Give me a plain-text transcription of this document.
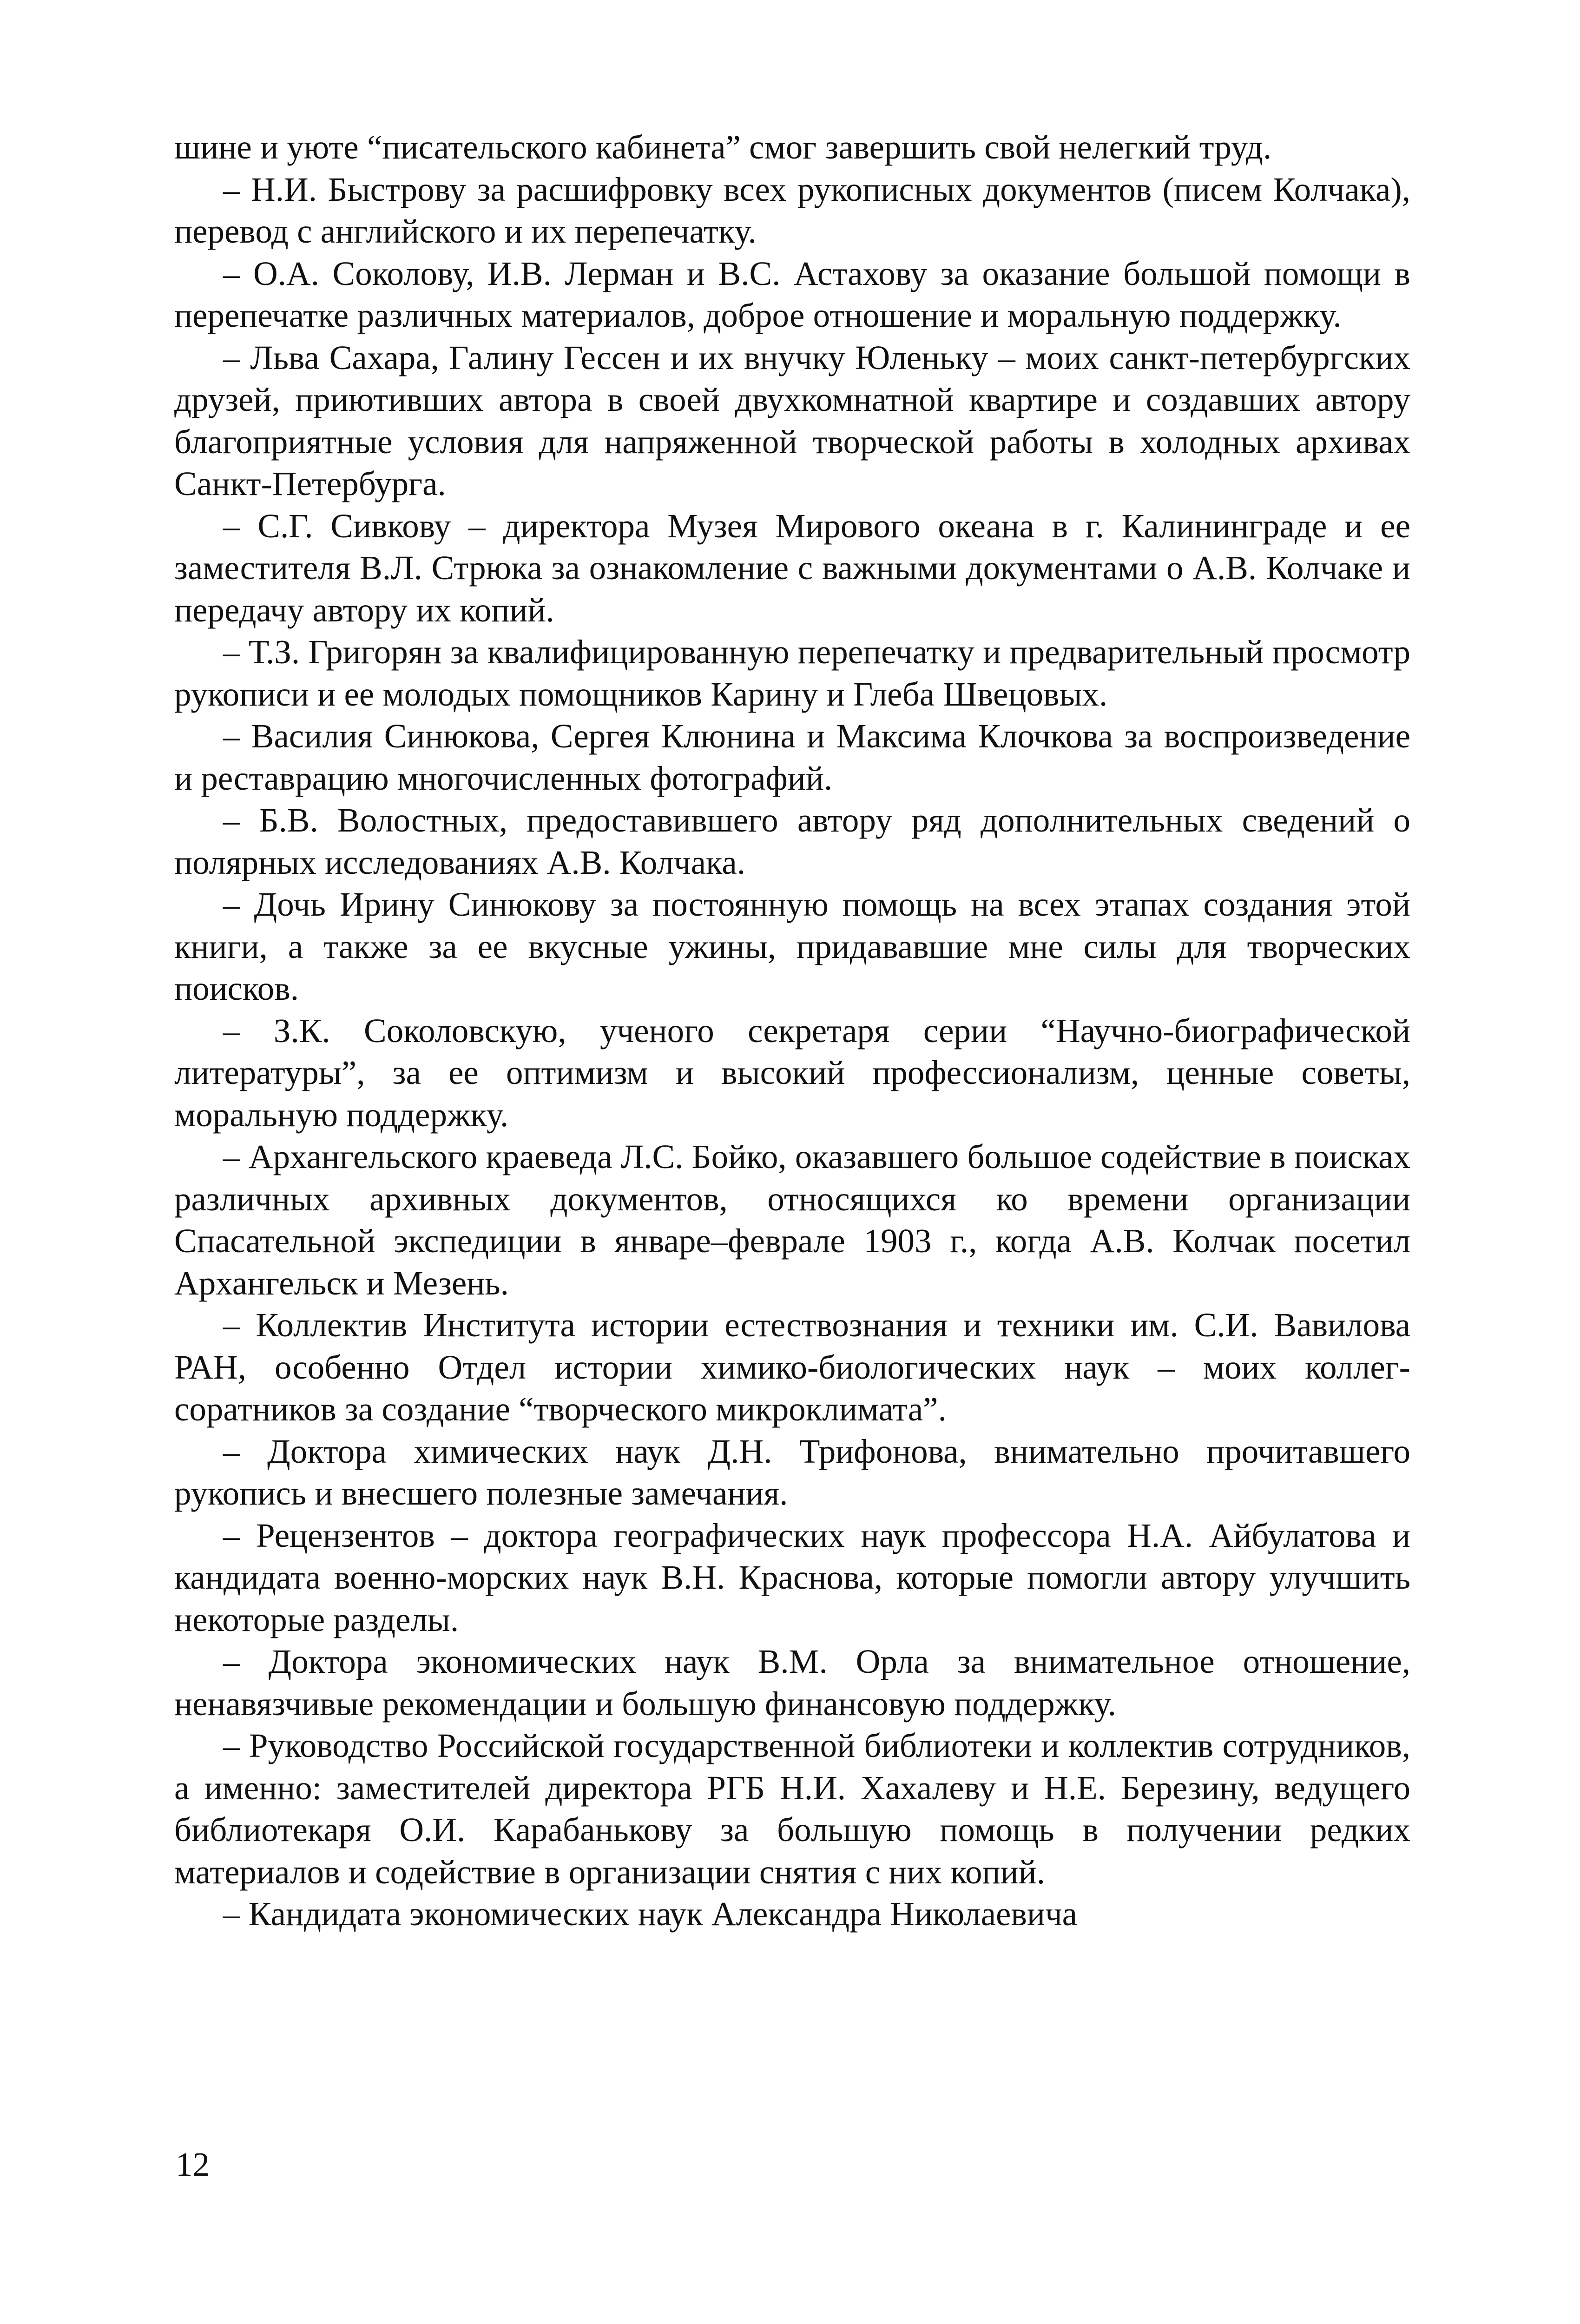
шине и уюте “писательского кабинета” смог завершить свой нелегкий труд.

– Н.И. Быстрову за расшифровку всех рукописных документов (писем Колчака), перевод с английского и их перепечатку.

– О.А. Соколову, И.В. Лерман и В.С. Астахову за оказание большой помощи в перепечатке различных материалов, доброе отношение и моральную поддержку.

– Льва Сахара, Галину Гессен и их внучку Юленьку – моих санкт-петербургских друзей, приютивших автора в своей двухкомнатной квартире и создавших автору благоприятные условия для напряженной творческой работы в холодных архивах Санкт-Петербурга.

– С.Г. Сивкову – директора Музея Мирового океана в г. Калининграде и ее заместителя В.Л. Стрюка за ознакомление с важными документами о А.В. Колчаке и передачу автору их копий.

– Т.З. Григорян за квалифицированную перепечатку и предварительный просмотр рукописи и ее молодых помощников Карину и Глеба Швецовых.

– Василия Синюкова, Сергея Клюнина и Максима Клочкова за воспроизведение и реставрацию многочисленных фотографий.

– Б.В. Волостных, предоставившего автору ряд дополнительных сведений о полярных исследованиях А.В. Колчака.

– Дочь Ирину Синюкову за постоянную помощь на всех этапах создания этой книги, а также за ее вкусные ужины, придававшие мне силы для творческих поисков.

– З.К. Соколовскую, ученого секретаря серии “Научно-биографической литературы”, за ее оптимизм и высокий профессионализм, ценные советы, моральную поддержку.

– Архангельского краеведа Л.С. Бойко, оказавшего большое содействие в поисках различных архивных документов, относящихся ко времени организации Спасательной экспедиции в январе–феврале 1903 г., когда А.В. Колчак посетил Архангельск и Мезень.

– Коллектив Института истории естествознания и техники им. С.И. Вавилова РАН, особенно Отдел истории химико-биологических наук – моих коллег-соратников за создание “творческого микроклимата”.

– Доктора химических наук Д.Н. Трифонова, внимательно прочитавшего рукопись и внесшего полезные замечания.

– Рецензентов – доктора географических наук профессора Н.А. Айбулатова и кандидата военно-морских наук В.Н. Краснова, которые помогли автору улучшить некоторые разделы.

– Доктора экономических наук В.М. Орла за внимательное отношение, ненавязчивые рекомендации и большую финансовую поддержку.

– Руководство Российской государственной библиотеки и коллектив сотрудников, а именно: заместителей директора РГБ Н.И. Хахалеву и Н.Е. Березину, ведущего библиотекаря О.И. Карабанькову за большую помощь в получении редких материалов и содействие в организации снятия с них копий.

– Кандидата экономических наук Александра Николаевича

12
